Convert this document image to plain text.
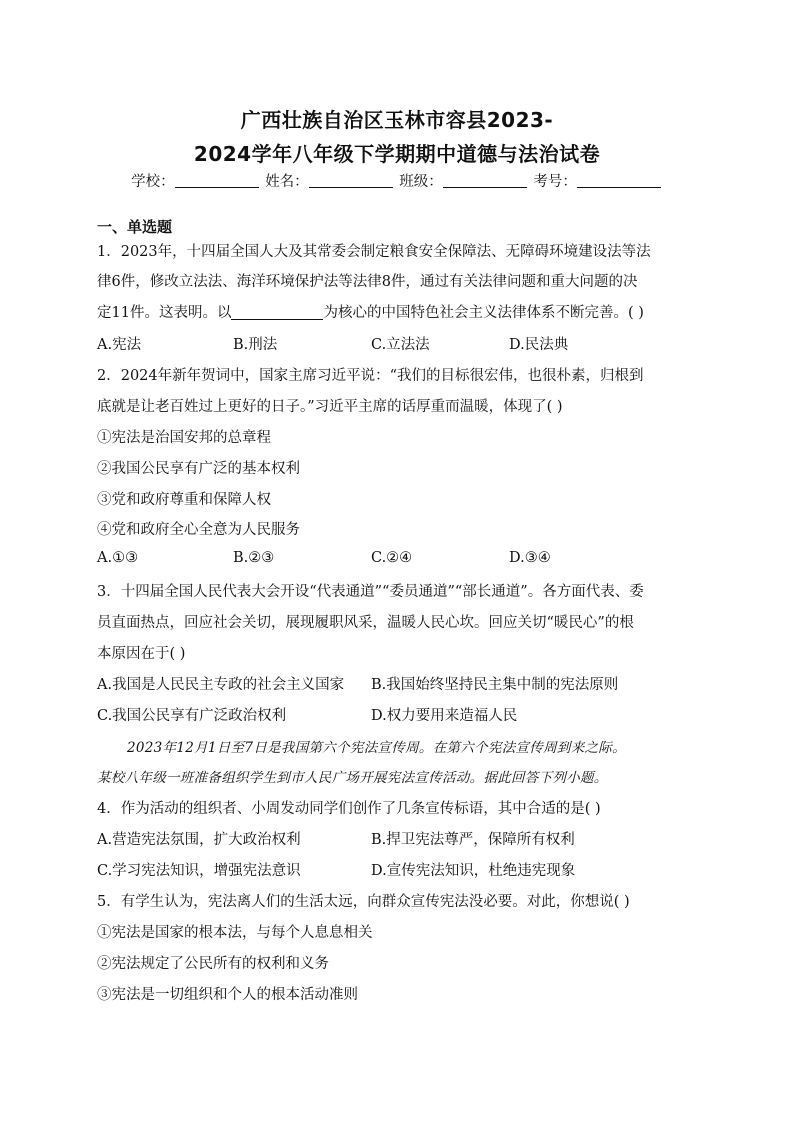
广西壮族自治区玉林市容县2023-
2024学年八年级下学期期中道德与法治试卷
学校：	姓名：	班级：	考号：
一、单选题
1．2023年，十四届全国人大及其常委会制定粮食安全保障法、无障碍环境建设法等法
律6件，修改立法法、海洋环境保护法等法律8件，通过有关法律问题和重大问题的决
定11件。这表明。以	为核心的中国特色社会主义法律体系不断完善。( )
A.宪法	B.刑法	C.立法法	D.民法典
2．2024年新年贺词中，国家主席习近平说：“我们的目标很宏伟，也很朴素，归根到
底就是让老百姓过上更好的日子。”习近平主席的话厚重而温暖，体现了( )
①宪法是治国安邦的总章程
②我国公民享有广泛的基本权利
③党和政府尊重和保障人权
④党和政府全心全意为人民服务
A.①③	B.②③	C.②④	D.③④
3．十四届全国人民代表大会开设“代表通道”“委员通道”“部长通道”。各方面代表、委
员直面热点，回应社会关切，展现履职风采，温暖人民心坎。回应关切“暖民心”的根
本原因在于( )
A.我国是人民民主专政的社会主义国家 B.我国始终坚持民主集中制的宪法原则
C.我国公民享有广泛政治权利	D.权力要用来造福人民
2023年12月1日至7日是我国第六个宪法宣传周。在第六个宪法宣传周到来之际。
某校八年级一班准备组织学生到市人民广场开展宪法宣传活动。据此回答下列小题。
4．作为活动的组织者、小周发动同学们创作了几条宣传标语，其中合适的是( )
A.营造宪法氛围，扩大政治权利	B.捍卫宪法尊严，保障所有权利
C.学习宪法知识，增强宪法意识	D.宣传宪法知识，杜绝违宪现象
5．有学生认为，宪法离人们的生活太远，向群众宣传宪法没必要。对此，你想说( )
①宪法是国家的根本法，与每个人息息相关
②宪法规定了公民所有的权利和义务
③宪法是一切组织和个人的根本活动准则
